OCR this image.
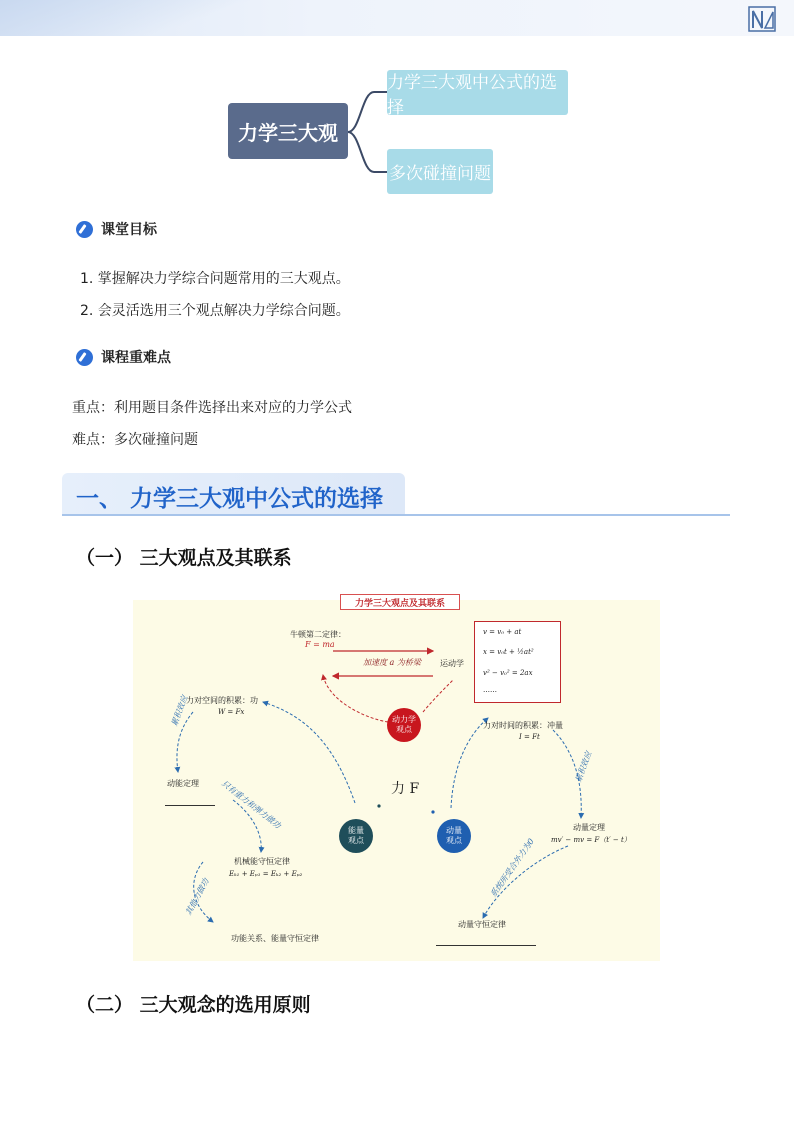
力学三大观
力学三大观中公式的选择
多次碰撞问题
课堂目标
1. 掌握解决力学综合问题常用的三大观点。
2. 会灵活选用三个观点解决力学综合问题。
课程重难点
重点：利用题目条件选择出来对应的力学公式
难点：多次碰撞问题
一、 力学三大观中公式的选择
（一） 三大观点及其联系
力学三大观点及其联系
牛顿第二定律：
F = ma
加速度 a 为桥梁 运动学
v = v₀ + at
x = v₀t + ½at²
v² − v₀² = 2ax
……
动力学
观点
力对空间的积累：功
W = Fx
累积效应
动能定理	只有重力和弹力做功
机械能守恒定律
Eₖ₁ + Eₚ₁ = Eₖ₂ + Eₚ₂
其他力做功
功能关系、能量守恒定律
能量
观点
力 F
动量
观点
力对时间的积累：冲量
I = Ft
累积效应
动量定理
mv′ − mv = F（t′ − t）
系统所受合外力为0
动量守恒定律
（二） 三大观念的选用原则
